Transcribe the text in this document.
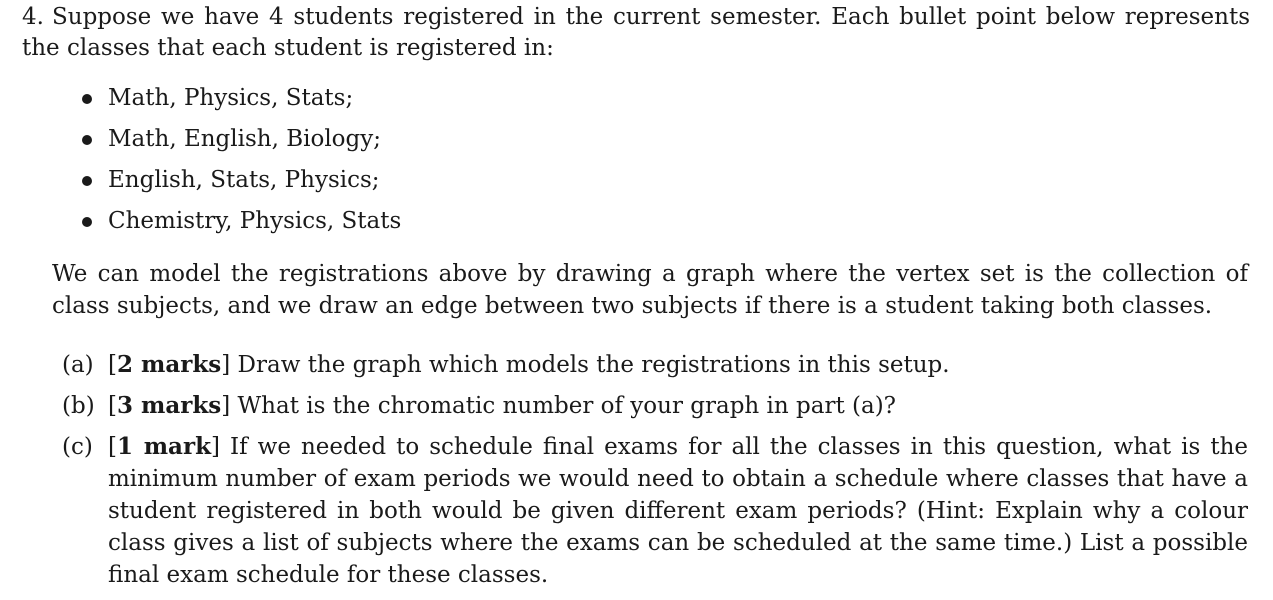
4. Suppose we have 4 students registered in the current semester. Each bullet point below represents the classes that each student is registered in:
Math, Physics, Stats;
Math, English, Biology;
English, Stats, Physics;
Chemistry, Physics, Stats
We can model the registrations above by drawing a graph where the vertex set is the collection of class subjects, and we draw an edge between two subjects if there is a student taking both classes.
(a) [2 marks] Draw the graph which models the registrations in this setup.
(b) [3 marks] What is the chromatic number of your graph in part (a)?
(c) [1 mark] If we needed to schedule final exams for all the classes in this question, what is the minimum number of exam periods we would need to obtain a schedule where classes that have a student registered in both would be given different exam periods? (Hint: Explain why a colour class gives a list of subjects where the exams can be scheduled at the same time.) List a possible final exam schedule for these classes.
